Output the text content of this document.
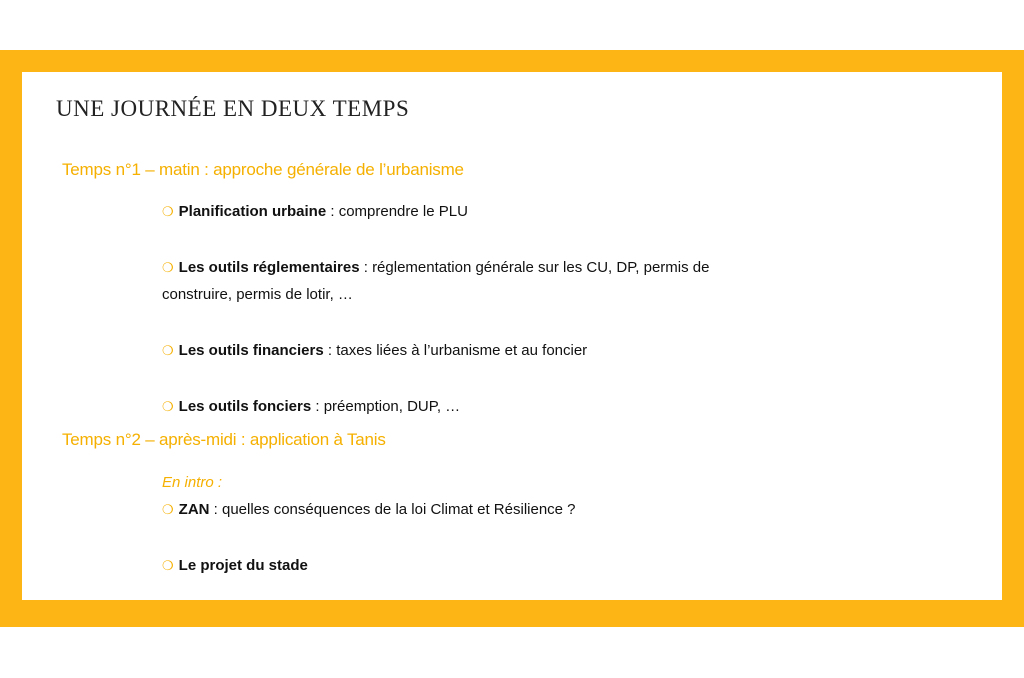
UNE JOURNÉE EN DEUX TEMPS
Temps n°1 – matin : approche générale de l’urbanisme
❍ Planification urbaine : comprendre le PLU
❍ Les outils réglementaires : réglementation générale sur les CU, DP, permis de
construire, permis de lotir, …
❍ Les outils financiers : taxes liées à l’urbanisme et au foncier
❍ Les outils fonciers : préemption, DUP, …
Temps n°2 – après-midi : application à Tanis
En intro :
❍ ZAN : quelles conséquences de la loi Climat et Résilience ?
❍ Le projet du stade
